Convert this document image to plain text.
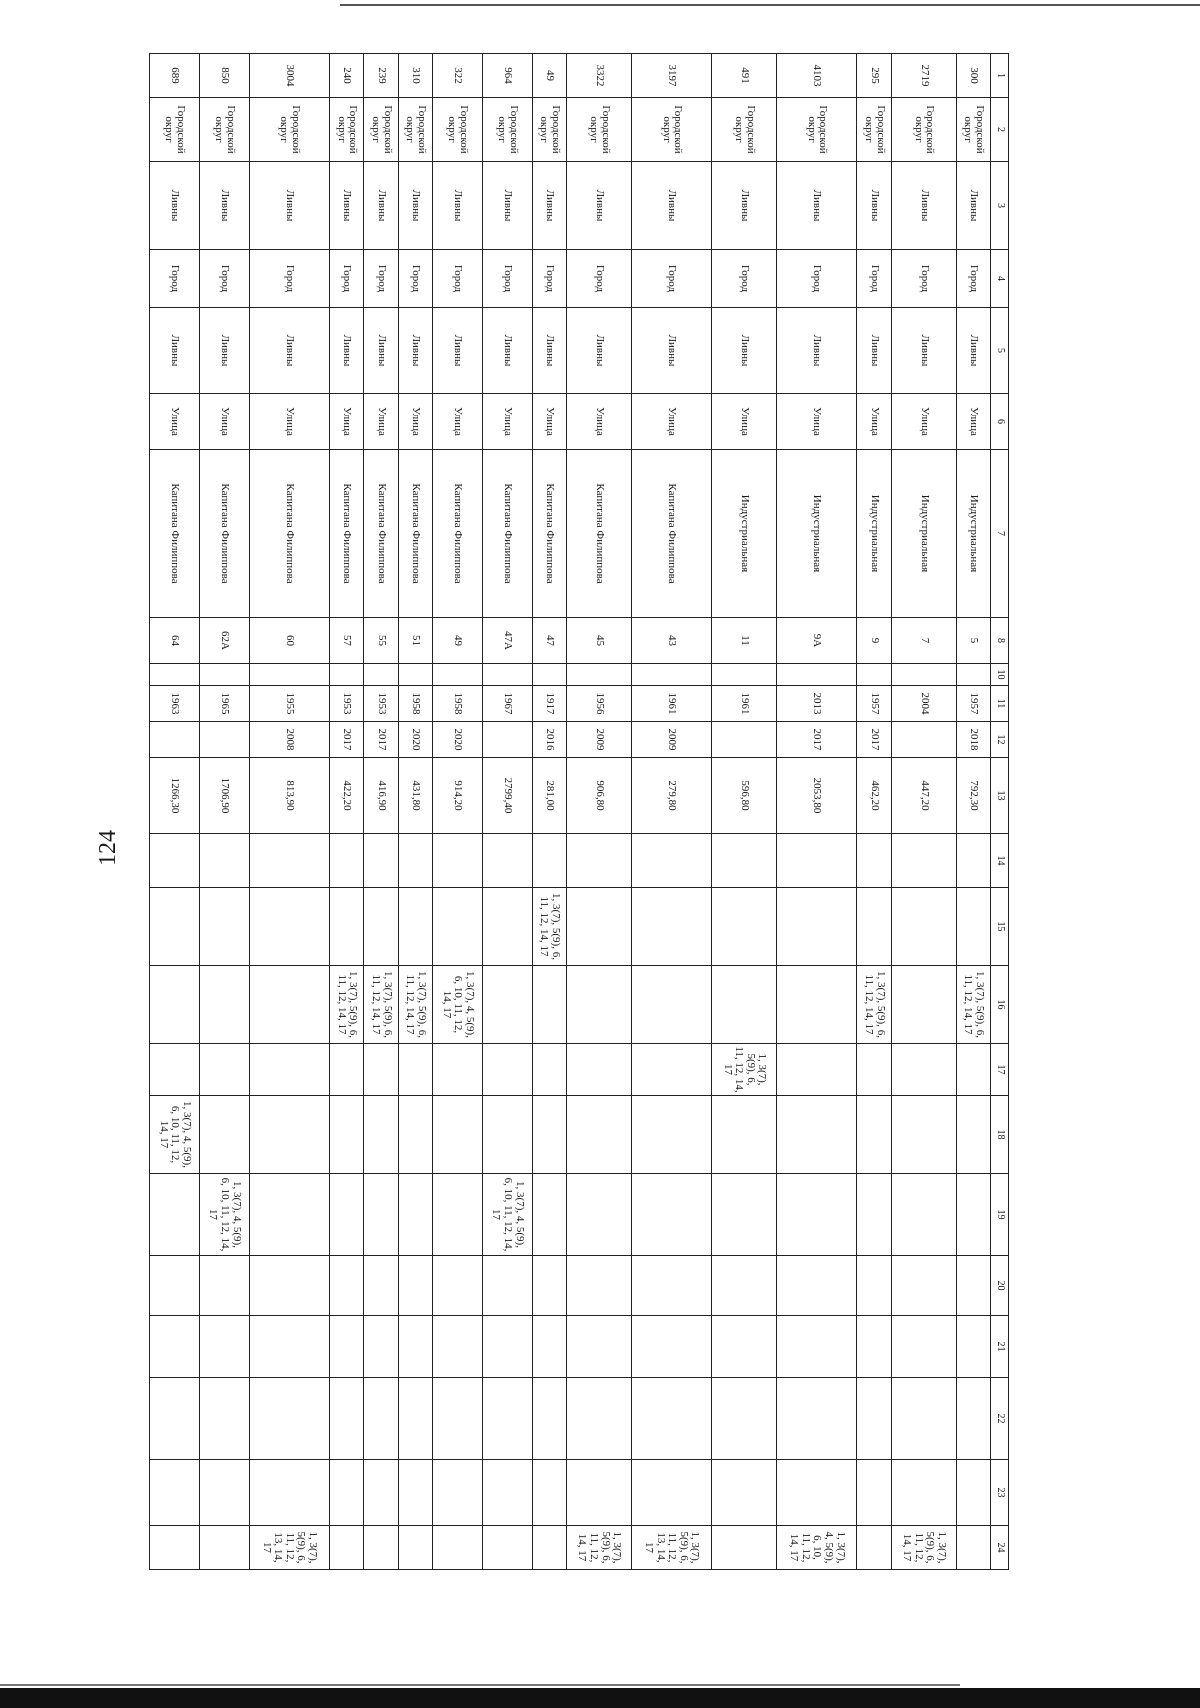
124
1	2	3	4	5	6	7	8	10	11	12	13	14	15	16	17	18	19	20	21	22	23	24
300	Городской округ	Ливны	Город	Ливны	Улица	Индустриальная	5		1957	2018	792,30			1, 3(7), 5(9), 6, 11, 12, 14, 17								
2719	Городской округ	Ливны	Город	Ливны	Улица	Индустриальная	7		2004		447,20											1, 3(7), 5(9), 6, 11, 12, 14, 17
295	Городской округ	Ливны	Город	Ливны	Улица	Индустриальная	9		1957	2017	462,20			1, 3(7), 5(9), 6, 11, 12, 14, 17								
4103	Городской округ	Ливны	Город	Ливны	Улица	Индустриальная	9А		2013	2017	2053,80											1, 3(7), 4, 5(9), 6, 10, 11, 12, 14, 17
491	Городской округ	Ливны	Город	Ливны	Улица	Индустриальная	11		1961		596,80				1, 3(7), 5(9), 6, 11, 12, 14, 17							
3197	Городской округ	Ливны	Город	Ливны	Улица	Капитана Филиппова	43		1961	2009	279,80											1, 3(7), 5(9), 6, 11, 12, 13, 14, 17
3322	Городской округ	Ливны	Город	Ливны	Улица	Капитана Филиппова	45		1956	2009	906,80											1, 3(7), 5(9), 6, 11, 12, 14, 17
49	Городской округ	Ливны	Город	Ливны	Улица	Капитана Филиппова	47		1917	2016	281,00		1, 3(7), 5(9), 6, 11, 12, 14, 17									
964	Городской округ	Ливны	Город	Ливны	Улица	Капитана Филиппова	47А		1967		2799,40						1, 3(7), 4, 5(9), 6, 10, 11, 12, 14, 17					
322	Городской округ	Ливны	Город	Ливны	Улица	Капитана Филиппова	49		1958	2020	914,20			1, 3(7), 4, 5(9), 6, 10, 11, 12, 14, 17								
310	Городской округ	Ливны	Город	Ливны	Улица	Капитана Филиппова	51		1958	2020	431,80			1, 3(7), 5(9), 6, 11, 12, 14, 17								
239	Городской округ	Ливны	Город	Ливны	Улица	Капитана Филиппова	55		1953	2017	416,90			1, 3(7), 5(9), 6, 11, 12, 14, 17								
240	Городской округ	Ливны	Город	Ливны	Улица	Капитана Филиппова	57		1953	2017	422,20			1, 3(7), 5(9), 6, 11, 12, 14, 17								
3004	Городской округ	Ливны	Город	Ливны	Улица	Капитана Филиппова	60		1955	2008	813,90											1, 3(7), 5(9), 6, 11, 12, 13, 14, 17
850	Городской округ	Ливны	Город	Ливны	Улица	Капитана Филиппова	62А		1965		1706,90						1, 3(7), 4, 5(9), 6, 10, 11, 12, 14, 17					
689	Городской округ	Ливны	Город	Ливны	Улица	Капитана Филиппова	64		1963		1266,30					1, 3(7), 4, 5(9), 6, 10, 11, 12, 14, 17						
